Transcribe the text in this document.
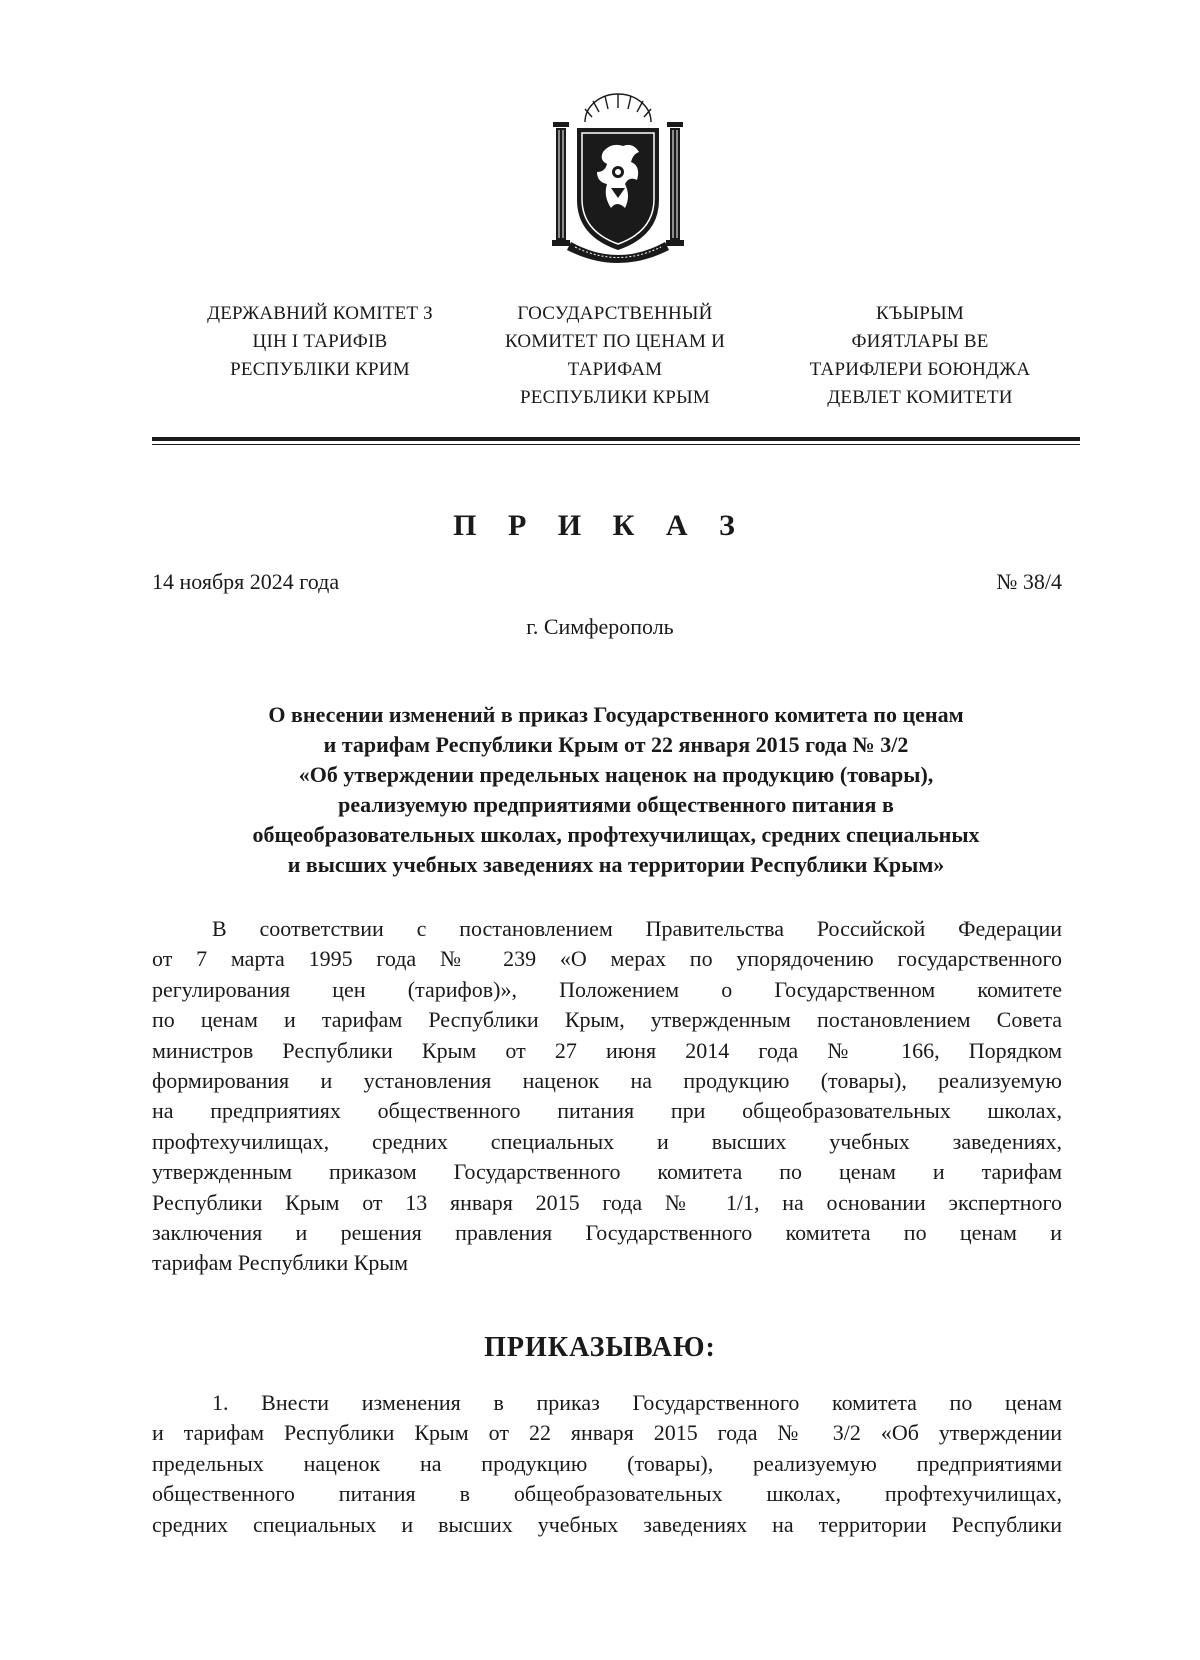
ДЕРЖАВНИЙ КОМІТЕТ З
ЦІН І ТАРИФІВ
РЕСПУБЛІКИ КРИМ
ГОСУДАРСТВЕННЫЙ
КОМИТЕТ ПО ЦЕНАМ И
ТАРИФАМ
РЕСПУБЛИКИ КРЫМ
КЪЫРЫМ
ФИЯТЛАРЫ ВЕ
ТАРИФЛЕРИ БОЮНДЖА
ДЕВЛЕТ КОМИТЕТИ
П Р И К А З
14 ноября 2024 года	№ 38/4
г. Симферополь
О внесении изменений в приказ Государственного комитета по ценам
и тарифам Республики Крым от 22 января 2015 года № 3/2
«Об утверждении предельных наценок на продукцию (товары),
реализуемую предприятиями общественного питания в
общеобразовательных школах, профтехучилищах, средних специальных
и высших учебных заведениях на территории Республики Крым»
В соответствии с постановлением Правительства Российской Федерации
от 7 марта 1995 года № 239 «О мерах по упорядочению государственного
регулирования цен (тарифов)», Положением о Государственном комитете
по ценам и тарифам Республики Крым, утвержденным постановлением Совета
министров Республики Крым от 27 июня 2014 года № 166, Порядком
формирования и установления наценок на продукцию (товары), реализуемую
на предприятиях общественного питания при общеобразовательных школах,
профтехучилищах, средних специальных и высших учебных заведениях,
утвержденным приказом Государственного комитета по ценам и тарифам
Республики Крым от 13 января 2015 года № 1/1, на основании экспертного
заключения и решения правления Государственного комитета по ценам и
тарифам Республики Крым
ПРИКАЗЫВАЮ:
1. Внести изменения в приказ Государственного комитета по ценам
и тарифам Республики Крым от 22 января 2015 года № 3/2 «Об утверждении
предельных наценок на продукцию (товары), реализуемую предприятиями
общественного питания в общеобразовательных школах, профтехучилищах,
средних специальных и высших учебных заведениях на территории Республики
